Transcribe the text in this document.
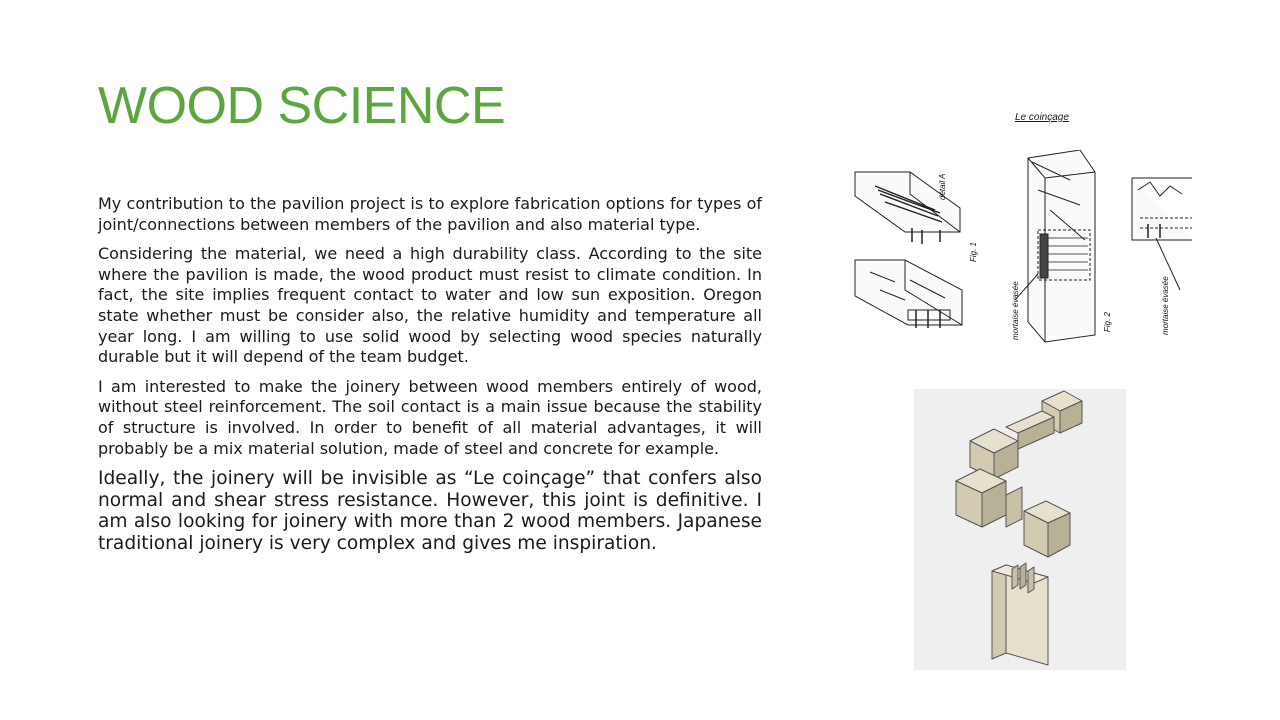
WOOD SCIENCE

My contribution to the pavilion project is to explore fabrication options for types of joint/connections between members of the pavilion and also material type.

Considering the material, we need a high durability class. According to the site where the pavilion is made, the wood product must resist to climate condition. In fact, the site implies frequent contact to water and low sun exposition. Oregon state whether must be consider also, the relative humidity and temperature all year long. I am willing to use solid wood by selecting wood species naturally durable but it will depend of the team budget.

I am interested to make the joinery between wood members entirely of wood, without steel reinforcement. The soil contact is a main issue because the stability of structure is involved. In order to benefit of all material advantages, it will probably be a mix material solution, made of steel and concrete for example.

Ideally, the joinery will be invisible as “Le coinçage” that confers also normal and shear stress resistance. However, this joint is definitive. I am also looking for joinery with more than 2 wood members. Japanese traditional joinery is very complex and gives me inspiration.

Le coinçage
détail A
Fig. 1
mortaise évasée	Fig. 2	mortaise évasée
